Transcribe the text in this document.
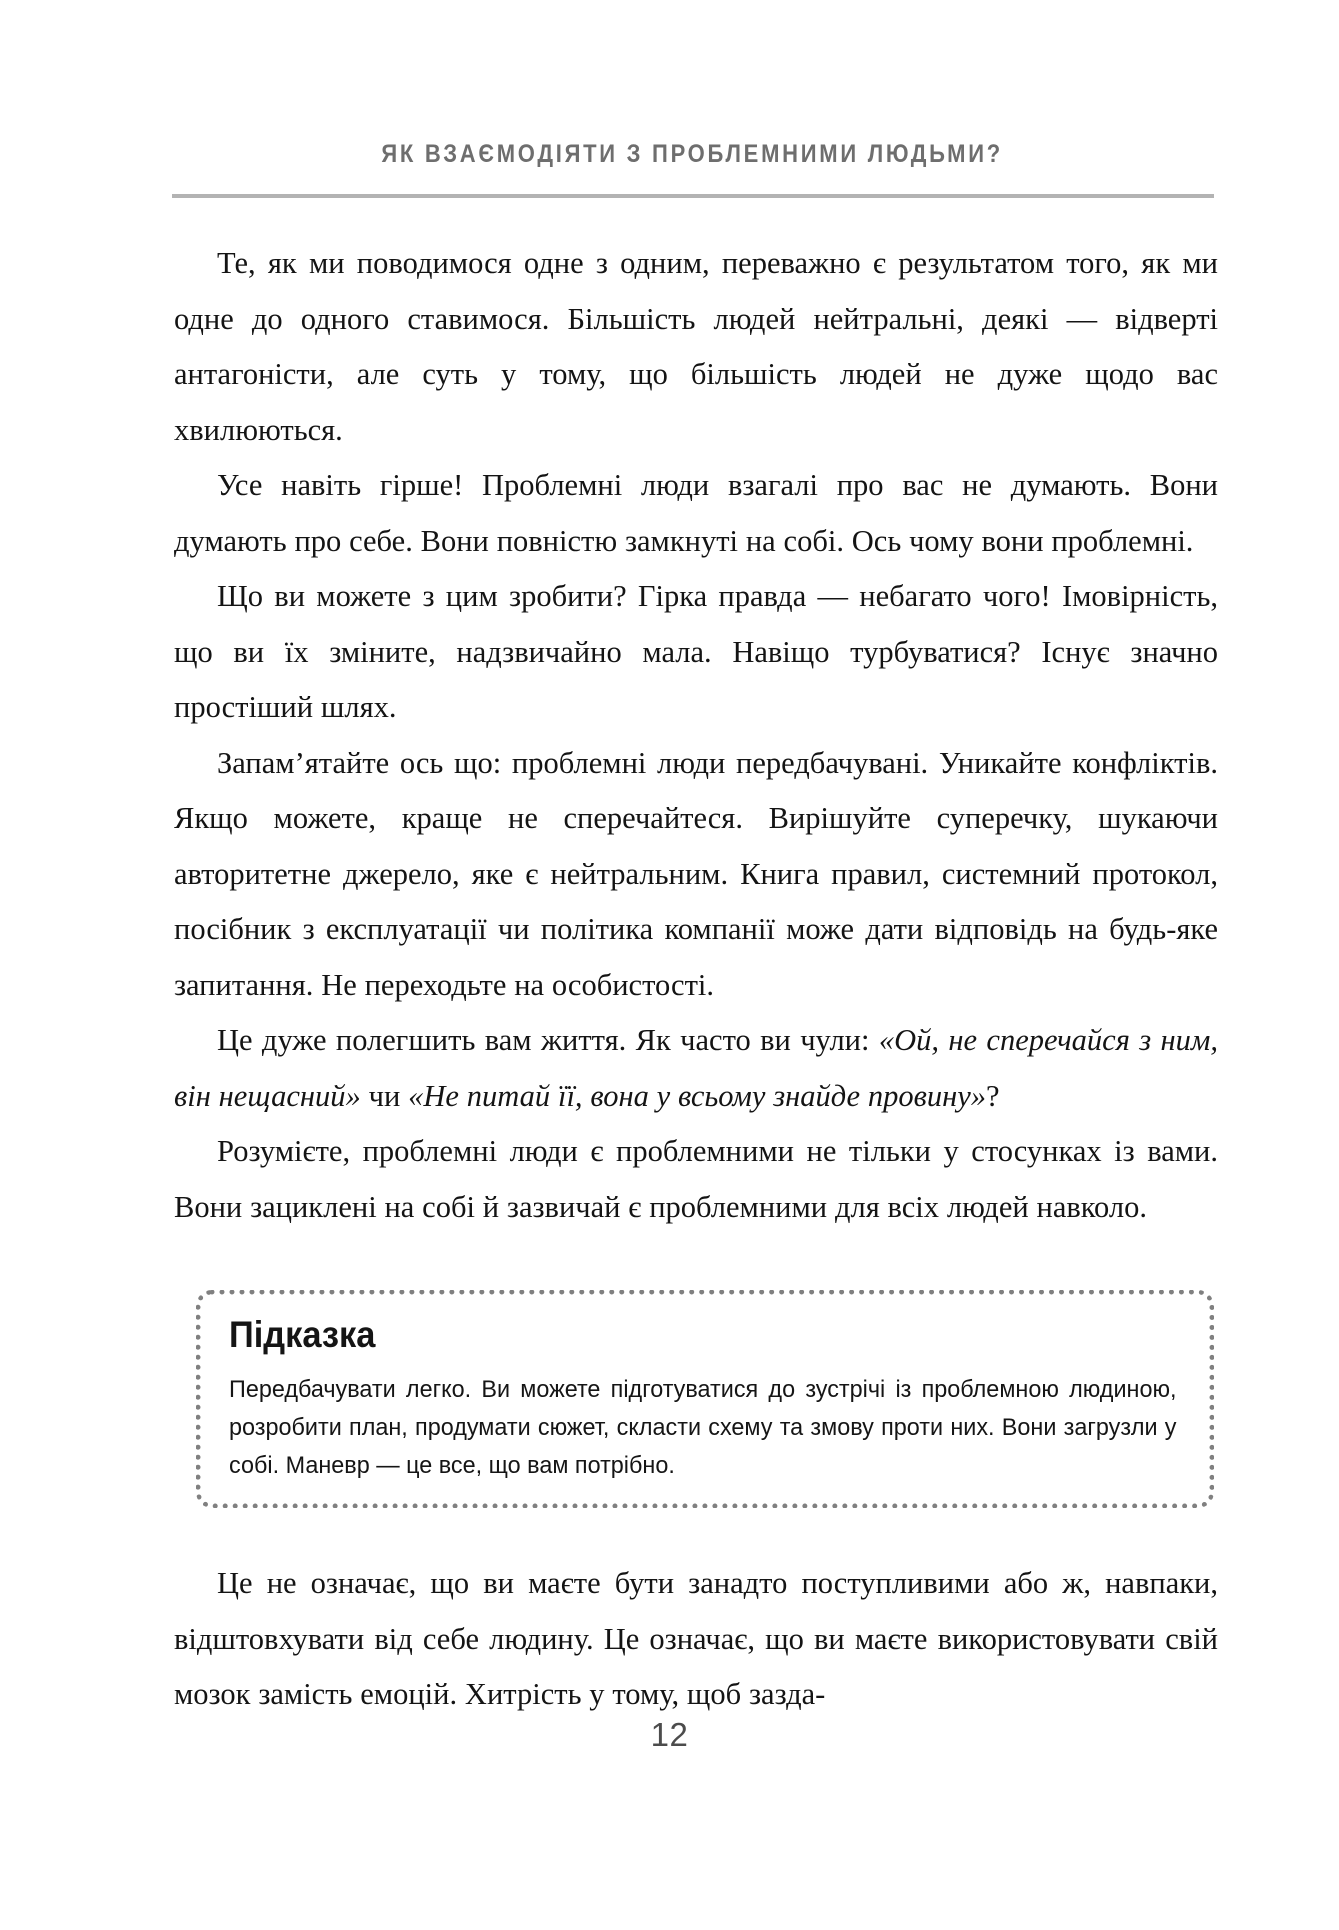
ЯК ВЗАЄМОДІЯТИ З ПРОБЛЕМНИМИ ЛЮДЬМИ?

Те, як ми поводимося одне з одним, переважно є результатом того, як ми одне до одного ставимося. Більшість людей нейтральні, деякі — відверті антагоністи, але суть у тому, що більшість людей не дуже щодо вас хвилюються.

Усе навіть гірше! Проблемні люди взагалі про вас не думають. Вони думають про себе. Вони повністю замкнуті на собі. Ось чому вони проблемні.

Що ви можете з цим зробити? Гірка правда — небагато чого! Імовірність, що ви їх зміните, надзвичайно мала. Навіщо турбуватися? Існує значно простіший шлях.

Запам’ятайте ось що: проблемні люди передбачувані. Уникайте конфліктів. Якщо можете, краще не сперечайтеся. Вирішуйте суперечку, шукаючи авторитетне джерело, яке є нейтральним. Книга правил, системний протокол, посібник з експлуатації чи політика компанії може дати відповідь на будь-яке запитання. Не переходьте на особистості.

Це дуже полегшить вам життя. Як часто ви чули: «Ой, не сперечайся з ним, він нещасний» чи «Не питай її, вона у всьому знайде провину»?

Розумієте, проблемні люди є проблемними не тільки у стосунках із вами. Вони зациклені на собі й зазвичай є проблемними для всіх людей навколо.

Підказка

Передбачувати легко. Ви можете підготуватися до зустрічі із проблемною людиною, розробити план, продумати сюжет, скласти схему та змову проти них. Вони загрузли у собі. Маневр — це все, що вам потрібно.

Це не означає, що ви маєте бути занадто поступливими або ж, навпаки, відштовхувати від себе людину. Це означає, що ви маєте використовувати свій мозок замість емоцій. Хитрість у тому, щоб зазда-

12
